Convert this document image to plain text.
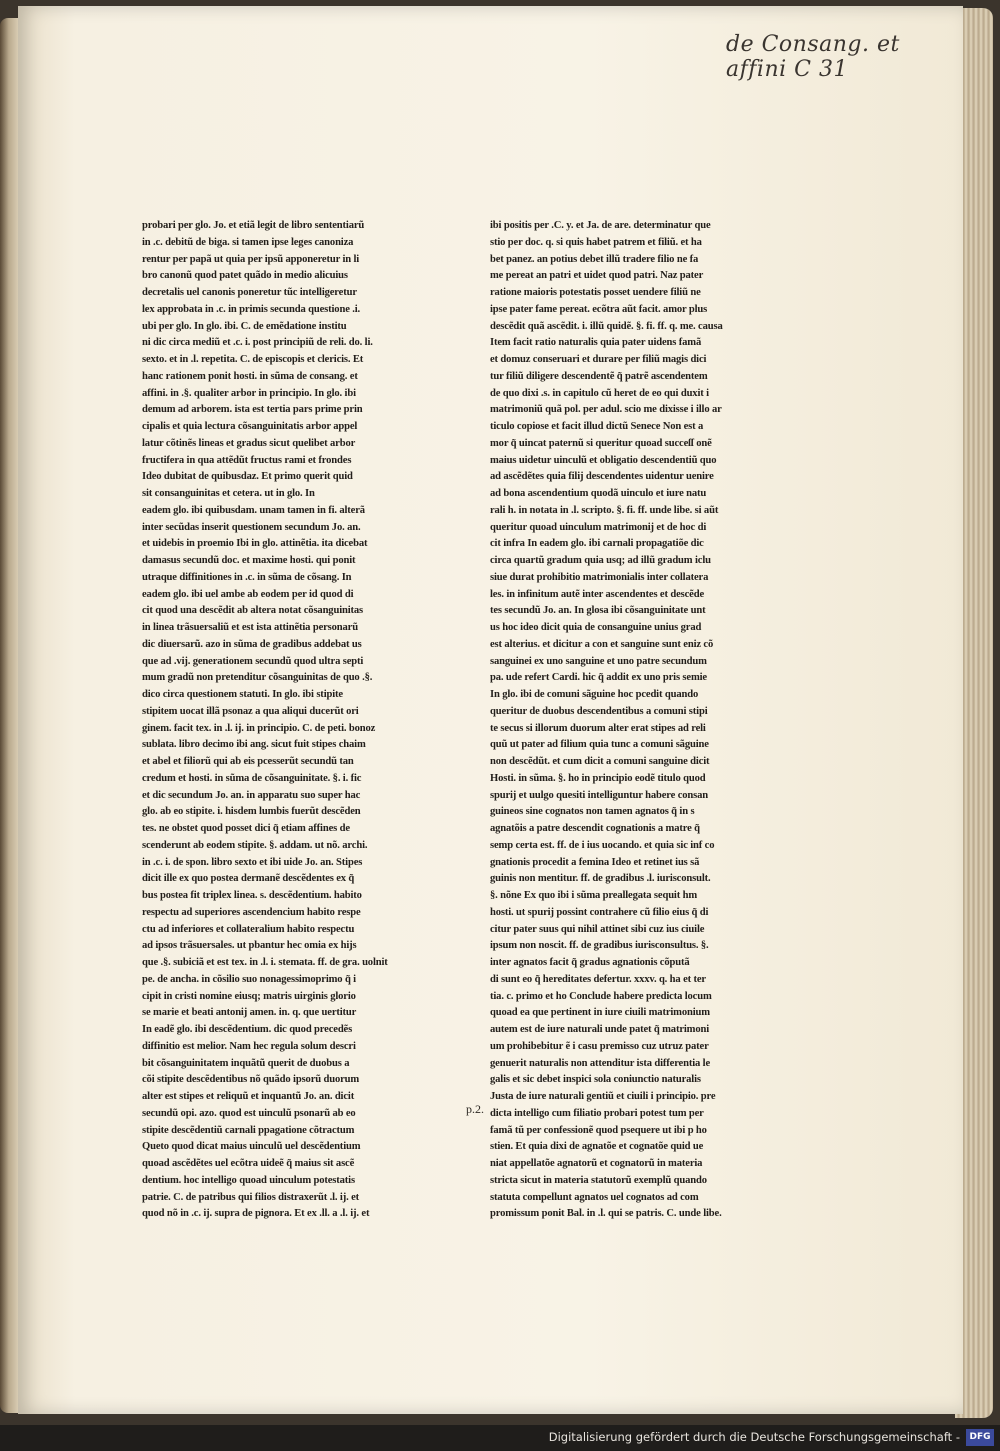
de Consang. et affini C 31
probari per glo. Jo. et etiã legit de libro sententiarũ
in .c. debitũ de biga. si tamen ipse leges canoniza
rentur per papã ut quia per ipsũ apponeretur in li
bro canonũ quod patet quãdo in medio alicuius
decretalis uel canonis poneretur tũc intelligeretur
lex approbata in .c. in primis secunda questione .i.
ubi per glo. In glo. ibi. C. de emẽdatione institu
ni dic circa mediũ et .c. i. post principiũ de reli. do. li.
sexto. et in .l. repetita. C. de episcopis et clericis. Et
hanc rationem ponit hosti. in sũma de consang. et
affini. in .§. qualiter arbor in principio. In glo. ibi
demum ad arborem. ista est tertia pars prime prin
cipalis et quia lectura cõsanguinitatis arbor appel
latur cõtinẽs lineas et gradus sicut quelibet arbor
fructifera in qua attẽdũt fructus rami et frondes
Ideo dubitat de quibusdaz. Et primo querit quid
sit consanguinitas et cetera. ut in glo. In
eadem glo. ibi quibusdam. unam tamen in fi. alterã
inter secũdas inserit questionem secundum Jo. an.
et uidebis in proemio Ibi in glo. attinẽtia. ita dicebat
damasus secundũ doc. et maxime hosti. qui ponit
utraque diffinitiones in .c. in sũma de cõsang. In
eadem glo. ibi uel ambe ab eodem per id quod di
cit quod una descẽdit ab altera notat cõsanguinitas
in linea trãsuersaliũ et est ista attinẽtia personarũ
dic diuersarũ. azo in sũma de gradibus addebat us
que ad .vij. generationem secundũ quod ultra septi
mum gradũ non pretenditur cõsanguinitas de quo .§.
dico circa questionem statuti. In glo. ibi stipite
stipitem uocat illã psonaz a qua aliqui ducerũt ori
ginem. facit tex. in .l. ij. in principio. C. de peti. bonoz
sublata. libro decimo ibi ang. sicut fuit stipes chaim
et abel et filiorũ qui ab eis pcesserũt secundũ tan
credum et hosti. in sũma de cõsanguinitate. §. i. fic
et dic secundum Jo. an. in apparatu suo super hac
glo. ab eo stipite. i. hisdem lumbis fuerũt descẽden
tes. ne obstet quod posset dici q̃ etiam affines de
scenderunt ab eodem stipite. §. addam. ut nõ. archi.
in .c. i. de spon. libro sexto et ibi uide Jo. an. Stipes
dicit ille ex quo postea dermanẽ descẽdentes ex q̃
bus postea fit triplex linea. s. descẽdentium. habito
respectu ad superiores ascendencium habito respe
ctu ad inferiores et collateralium habito respectu
ad ipsos trãsuersales. ut pbantur hec omia ex hijs
que .§. subiciã et est tex. in .l. i. stemata. ff. de gra. uolnit
pe. de ancha. in cõsilio suo nonagessimoprimo q̃ i
cipit in cristi nomine eiusq; matris uirginis glorio
se marie et beati antonij amen. in. q. que uertitur
In eadẽ glo. ibi descẽdentium. dic quod precedẽs
diffinitio est melior. Nam hec regula solum descri
bit cõsanguinitatem inquãtũ querit de duobus a
cõi stipite descẽdentibus nõ quãdo ipsorũ duorum
alter est stipes et reliquũ et inquantũ Jo. an. dicit
secundũ opi. azo. quod est uinculũ psonarũ ab eo
stipite descẽdentiũ carnali ppagatione cõtractum
Queto quod dicat maius uinculũ uel descẽdentium
quoad ascẽdẽtes uel ecõtra uideẽ q̃ maius sit ascẽ
dentium. hoc intelligo quoad uinculum potestatis
patrie. C. de patribus qui filios distraxerũt .l. ij. et
quod nõ in .c. ij. supra de pignora. Et ex .ll. a .l. ij. et
ibi positis per .C. y. et Ja. de are. determinatur que
stio per doc. q. si quis habet patrem et filiũ. et ha
bet panez. an potius debet illũ tradere filio ne fa
me pereat an patri et uidet quod patri. Naz pater
ratione maioris potestatis posset uendere filiũ ne
ipse pater fame pereat. ecõtra aũt facit. amor plus
descẽdit quã ascẽdit. i. illũ quidẽ. §. fi. ff. q. me. causa
Item facit ratio naturalis quia pater uidens famã
et domuz conseruari et durare per filiũ magis dici
tur filiũ diligere descendentẽ q̃ patrẽ ascendentem
de quo dixi .s. in capitulo cũ heret de eo qui duxit i
matrimoniũ quã pol. per adul. scio me dixisse i illo ar
ticulo copiose et facit illud dictũ Senece Non est a
mor q̃ uincat paternũ si queritur quoad succeſſ onẽ
maius uidetur uinculũ et obligatio descendentiũ quo
ad ascẽdẽtes quia filij descendentes uidentur uenire
ad bona ascendentium quodã uinculo et iure natu
rali h. in notata in .l. scripto. §. fi. ff. unde libe. si aũt
queritur quoad uinculum matrimonij et de hoc di
cit infra In eadem glo. ibi carnali propagatiõe dic
circa quartũ gradum quia usq; ad illũ gradum iclu
siue durat prohibitio matrimonialis inter collatera
les. in infinitum autẽ inter ascendentes et descẽde
tes secundũ Jo. an. In glosa ibi cõsanguinitate unt
us hoc ideo dicit quia de consanguine unius grad
est alterius. et dicitur a con et sanguine sunt eniz cõ
sanguinei ex uno sanguine et uno patre secundum
pa. ude refert Cardi. hic q̃ addit ex uno pris semie
In glo. ibi de comuni sãguine hoc pcedit quando
queritur de duobus descendentibus a comuni stipi
te secus si illorum duorum alter erat stipes ad reli
quũ ut pater ad filium quia tunc a comuni sãguine
non descẽdũt. et cum dicit a comuni sanguine dicit
Hosti. in sũma. §. ho in principio eodẽ titulo quod
spurij et uulgo quesiti intelliguntur habere consan
guineos sine cognatos non tamen agnatos q̃ in s
agnatõis a patre descendit cognationis a matre q̃
semp certa est. ff. de i ius uocando. et quia sic inf co
gnationis procedit a femina Ideo et retinet ius sã
guinis non mentitur. ff. de gradibus .l. iurisconsult.
§. nõne Ex quo ibi i sũma preallegata sequit hm
hosti. ut spurij possint contrahere cũ filio eius q̃ di
citur pater suus qui nihil attinet sibi cuz ius ciuile
ipsum non noscit. ff. de gradibus iurisconsultus. §.
inter agnatos facit q̃ gradus agnationis cõputã
di sunt eo q̃ hereditates defertur. xxxv. q. ha et ter
tia. c. primo et ho Conclude habere predicta locum
quoad ea que pertinent in iure ciuili matrimonium
autem est de iure naturali unde patet q̃ matrimoni
um prohibebitur ẽ i casu premisso cuz utruz pater
genuerit naturalis non attenditur ista differentia le
galis et sic debet inspici sola coniunctio naturalis
Justa de iure naturali gentiũ et ciuili i principio. pre
dicta intelligo cum filiatio probari potest tum per
famã tũ per confessionẽ quod psequere ut ibi p ho
stien. Et quia dixi de agnatõe et cognatõe quid ue
niat appellatõe agnatorũ et cognatorũ in materia
stricta sicut in materia statutorũ exemplũ quando
statuta compellunt agnatos uel cognatos ad com
promissum ponit Bal. in .l. qui se patris. C. unde libe.
p.2.
Digitalisierung gefördert durch die Deutsche Forschungsgemeinschaft -	DFG
